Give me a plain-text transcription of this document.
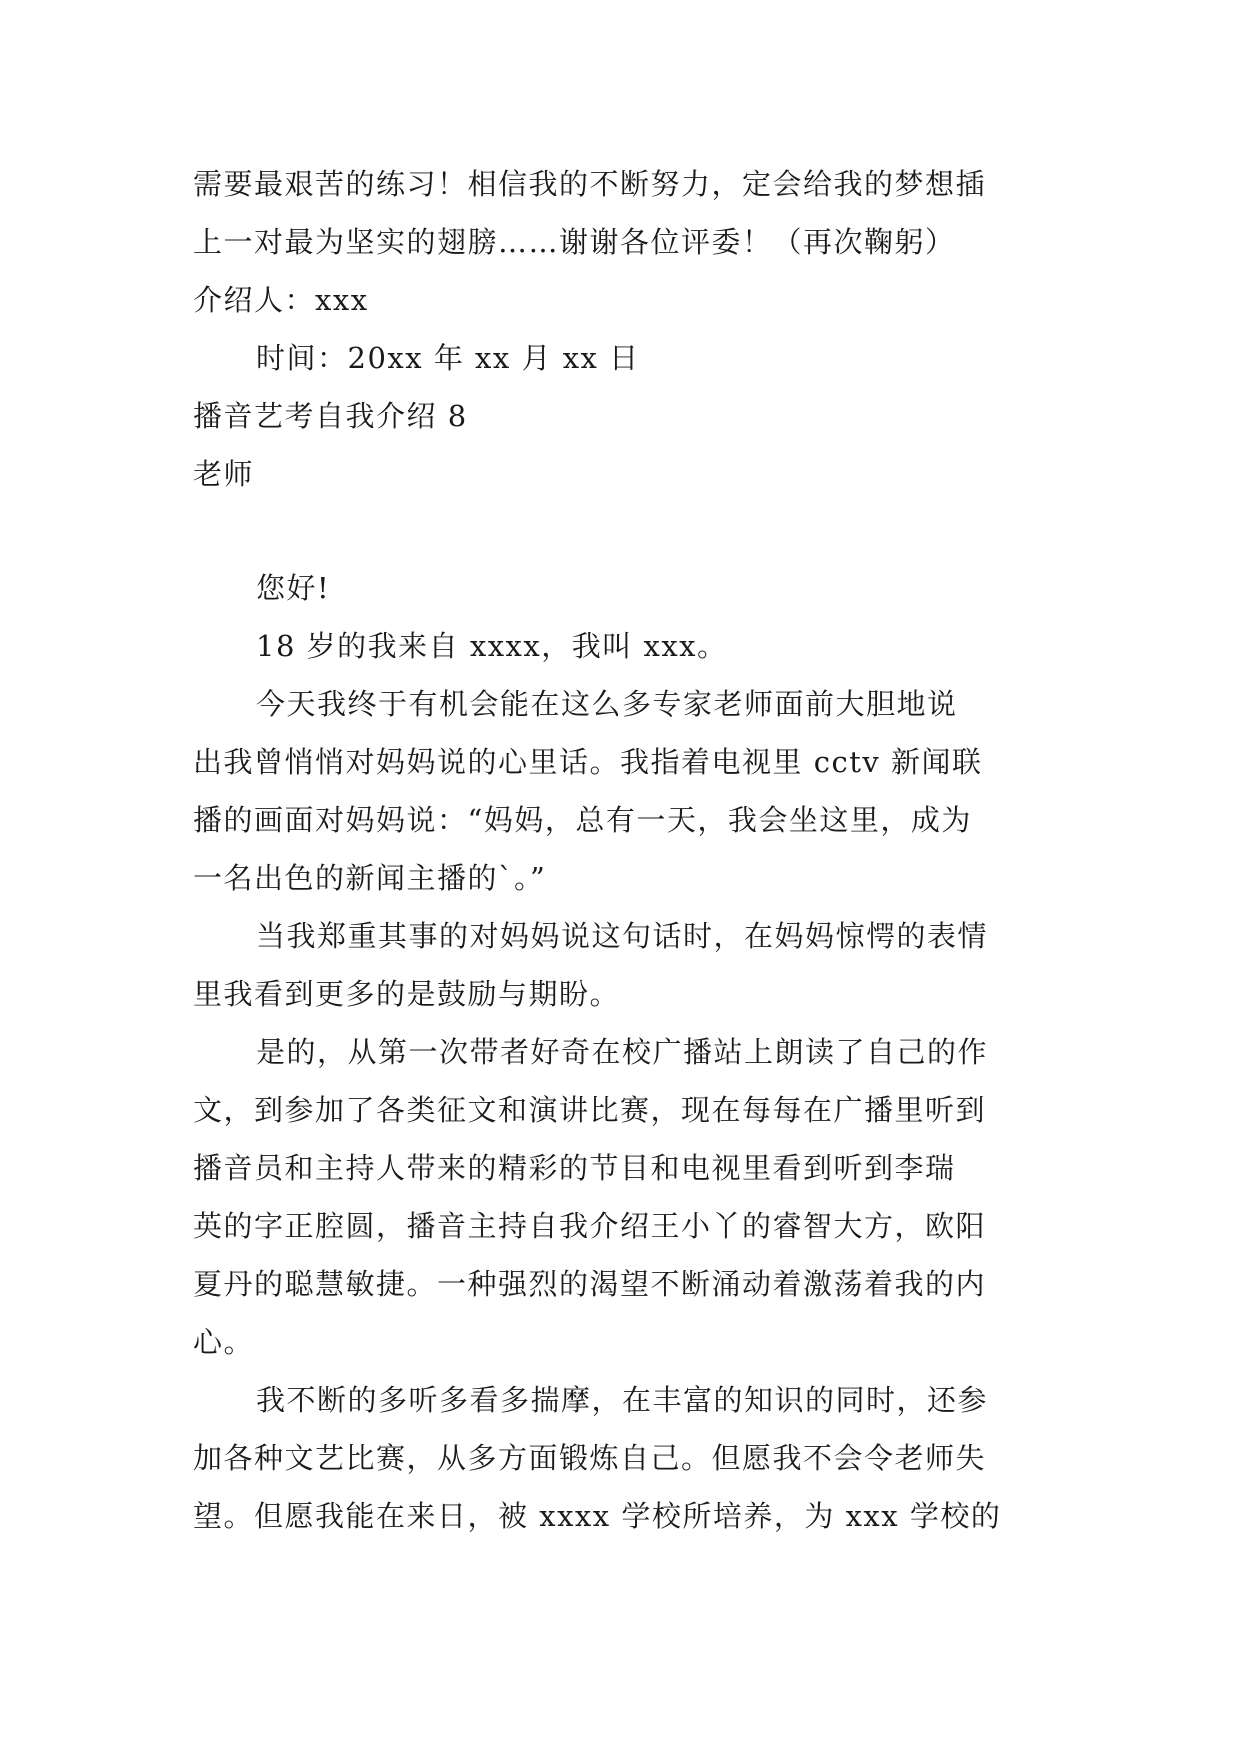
需要最艰苦的练习！相信我的不断努力，定会给我的梦想插
上一对最为坚实的翅膀……谢谢各位评委！（再次鞠躬）
介绍人：xxx
时间：20xx 年 xx 月 xx 日
播音艺考自我介绍 8
老师
您好!
18 岁的我来自 xxxx，我叫 xxx。
今天我终于有机会能在这么多专家老师面前大胆地说
出我曾悄悄对妈妈说的心里话。我指着电视里 cctv 新闻联
播的画面对妈妈说：“妈妈，总有一天，我会坐这里，成为
一名出色的新闻主播的`。”
当我郑重其事的对妈妈说这句话时，在妈妈惊愕的表情
里我看到更多的是鼓励与期盼。
是的，从第一次带者好奇在校广播站上朗读了自己的作
文，到参加了各类征文和演讲比赛，现在每每在广播里听到
播音员和主持人带来的精彩的节目和电视里看到听到李瑞
英的字正腔圆，播音主持自我介绍王小丫的睿智大方，欧阳
夏丹的聪慧敏捷。一种强烈的渴望不断涌动着激荡着我的内
心。
我不断的多听多看多揣摩，在丰富的知识的同时，还参
加各种文艺比赛，从多方面锻炼自己。但愿我不会令老师失
望。但愿我能在来日，被 xxxx 学校所培养，为 xxx 学校的
